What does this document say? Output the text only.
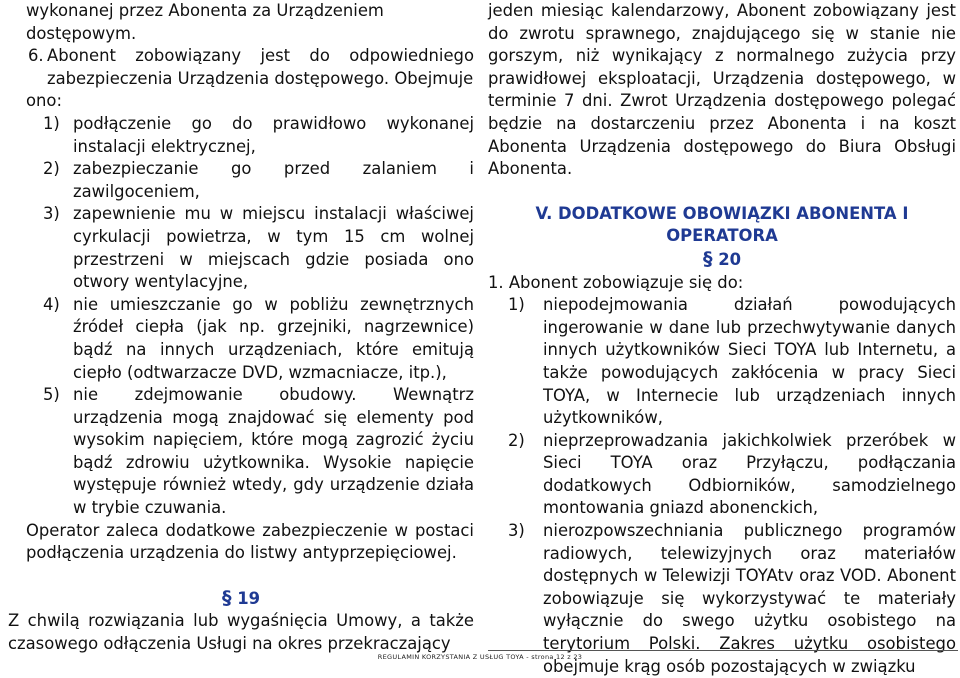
wykonanej przez Abonenta za Urządzeniem

dostępowym.

6. Abonent zobowiązany jest do odpowiedniego zabezpieczenia Urządzenia dostępowego. Obejmuje

ono:

1) podłączenie go do prawidłowo wykonanej instalacji elektrycznej,
2) zabezpieczanie go przed zalaniem i zawilgoceniem,
3) zapewnienie mu w miejscu instalacji właściwej cyrkulacji powietrza, w tym 15 cm wolnej przestrzeni w miejscach gdzie posiada ono otwory wentylacyjne,
4) nie umieszczanie go w pobliżu zewnętrznych źródeł ciepła (jak np. grzejniki, nagrzewnice) bądź na innych urządzeniach, które emitują ciepło (odtwarzacze DVD, wzmacniacze, itp.),
5) nie zdejmowanie obudowy. Wewnątrz urządzenia mogą znajdować się elementy pod wysokim napięciem, które mogą zagrozić życiu bądź zdrowiu użytkownika. Wysokie napięcie występuje również wtedy, gdy urządzenie działa w trybie czuwania.

Operator zaleca dodatkowe zabezpieczenie w postaci podłączenia urządzenia do listwy antyprzepięciowej.

§ 19

Z chwilą rozwiązania lub wygaśnięcia Umowy, a także czasowego odłączenia Usługi na okres przekraczający

jeden miesiąc kalendarzowy, Abonent zobowiązany jest do zwrotu sprawnego, znajdującego się w stanie nie gorszym, niż wynikający z normalnego zużycia przy prawidłowej eksploatacji, Urządzenia dostępowego, w terminie 7 dni. Zwrot Urządzenia dostępowego polegać będzie na dostarczeniu przez Abonenta i na koszt Abonenta Urządzenia dostępowego do Biura Obsługi Abonenta.

V. DODATKOWE OBOWIĄZKI ABONENTA I
OPERATORA
§ 20

1. Abonent zobowiązuje się do:

1)	niepodejmowania działań powodujących ingerowanie w dane lub przechwytywanie danych innych użytkowników Sieci TOYA lub Internetu, a także powodujących zakłócenia w pracy Sieci TOYA, w Internecie lub urządzeniach innych użytkowników,
2)	nieprzeprowadzania jakichkolwiek przeróbek w Sieci TOYA oraz Przyłączu, podłączania dodatkowych Odbiorników, samodzielnego montowania gniazd abonenckich,
3)	nierozpowszechniania publicznego programów radiowych, telewizyjnych oraz materiałów dostępnych w Telewizji TOYAtv oraz VOD. Abonent zobowiązuje się wykorzystywać te materiały wyłącznie do swego użytku osobistego na terytorium Polski. Zakres użytku osobistego obejmuje krąg osób pozostających w związku
REGULAMIN KORZYSTANIA Z USŁUG TOYA - strona 12 z 23
